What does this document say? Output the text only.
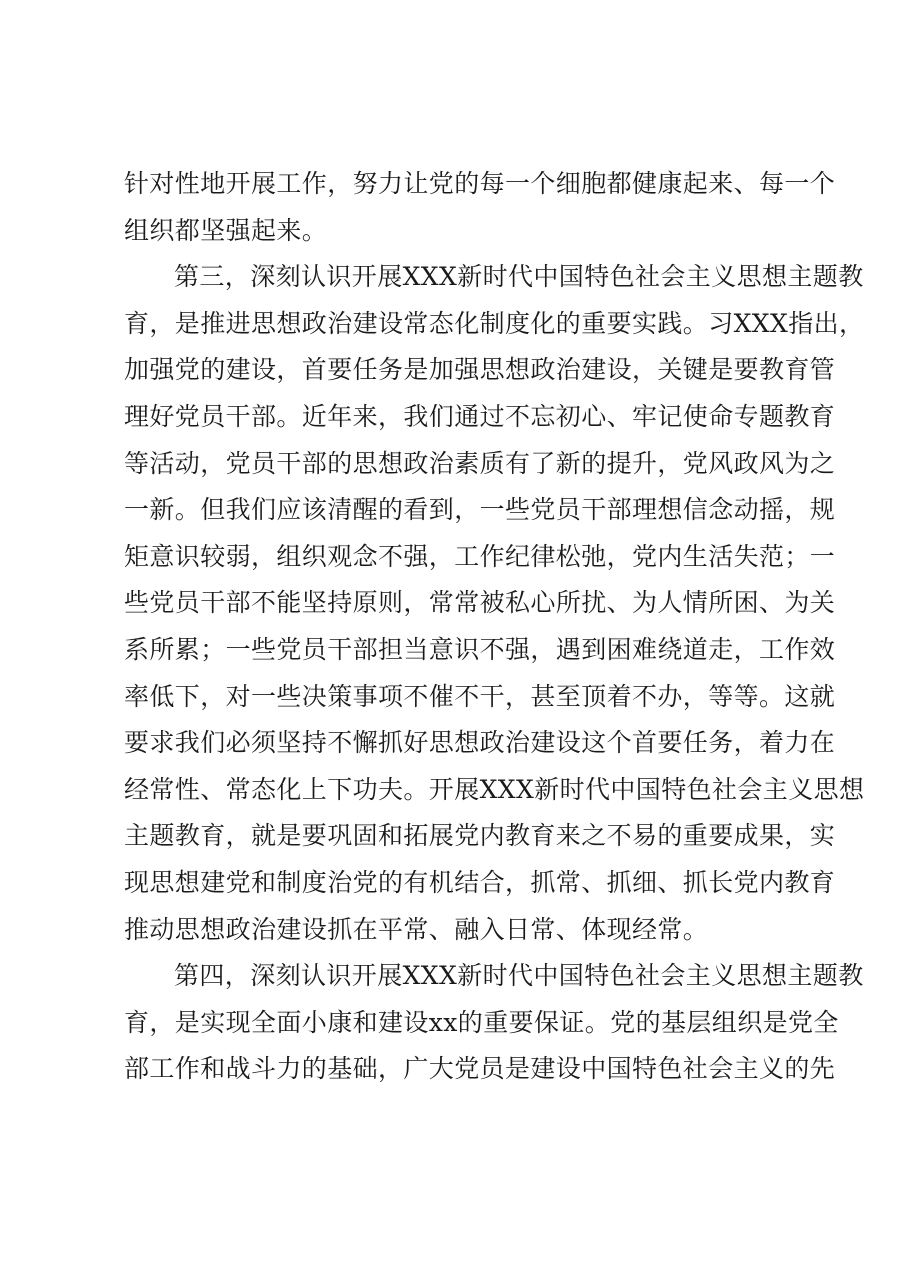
针对性地开展工作，努力让党的每一个细胞都健康起来、每一个
组织都坚强起来。
第三，深刻认识开展XXX新时代中国特色社会主义思想主题教
育，是推进思想政治建设常态化制度化的重要实践。习XXX指出，
加强党的建设，首要任务是加强思想政治建设，关键是要教育管
理好党员干部。近年来，我们通过不忘初心、牢记使命专题教育
等活动，党员干部的思想政治素质有了新的提升，党风政风为之
一新。但我们应该清醒的看到，一些党员干部理想信念动摇，规
矩意识较弱，组织观念不强，工作纪律松弛，党内生活失范；一
些党员干部不能坚持原则，常常被私心所扰、为人情所困、为关
系所累；一些党员干部担当意识不强，遇到困难绕道走，工作效
率低下，对一些决策事项不催不干，甚至顶着不办，等等。这就
要求我们必须坚持不懈抓好思想政治建设这个首要任务，着力在
经常性、常态化上下功夫。开展XXX新时代中国特色社会主义思想
主题教育，就是要巩固和拓展党内教育来之不易的重要成果，实
现思想建党和制度治党的有机结合，抓常、抓细、抓长党内教育
推动思想政治建设抓在平常、融入日常、体现经常。
第四，深刻认识开展XXX新时代中国特色社会主义思想主题教
育，是实现全面小康和建设xx的重要保证。党的基层组织是党全
部工作和战斗力的基础，广大党员是建设中国特色社会主义的先
